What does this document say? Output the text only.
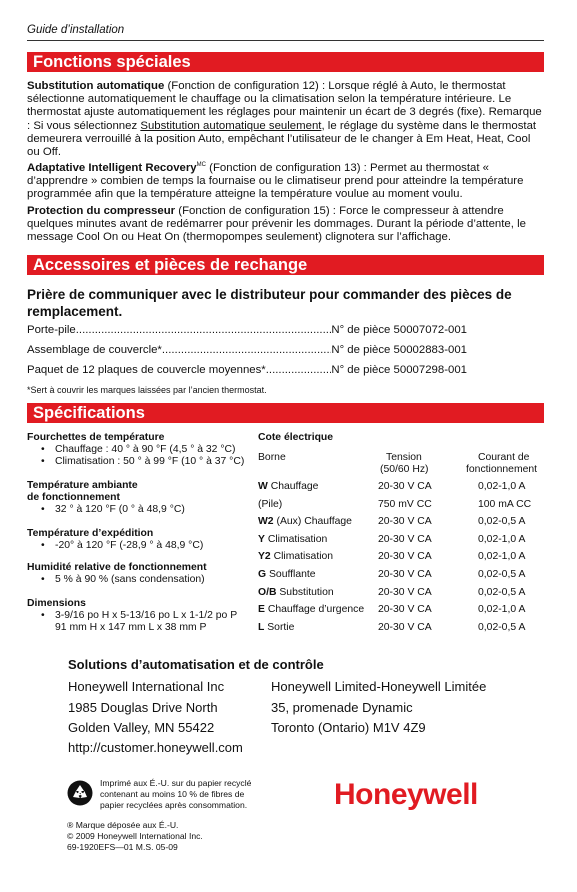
Guide d’installation
Fonctions spéciales
Substitution automatique (Fonction de configuration 12) : Lorsque réglé à Auto, le thermostat sélectionne automatiquement le chauffage ou la climatisation selon la température intérieure. Le thermostat ajuste automatiquement les réglages pour maintenir un écart de 3 degrés (fixe). Remarque : Si vous sélectionnez Substitution automatique seulement, le réglage du système dans le thermostat demeurera verrouillé à la position Auto, empêchant l’utilisateur de le changer à Em Heat, Heat, Cool ou Off.
Adaptative Intelligent Recovery$^{MC}$ (Fonction de configuration 13) : Permet au thermostat « d’apprendre » combien de temps la fournaise ou le climatiseur prend pour atteindre la température programmée afin que la température atteigne la température voulue au moment voulu.
Protection du compresseur (Fonction de configuration 15) : Force le compresseur à attendre quelques minutes avant de redémarrer pour prévenir les dommages. Durant la période d’attente, le message Cool On ou Heat On (thermopompes seulement) clignotera sur l’affichage.
Accessoires et pièces de rechange
Prière de communiquer avec le distributeur pour commander des pièces de remplacement.
Porte-pile .....	N° de pièce 50007072-001
Assemblage de couvercle* .....	N° de pièce 50002883-001
Paquet de 12 plaques de couvercle moyennes* .....	N° de pièce 50007298-001
*Sert à couvrir les marques laissées par l’ancien thermostat.
Spécifications
Fourchettes de température
• Chauffage : 40 ° à 90 °F (4,5 ° à 32 °C)
• Climatisation : 50 ° à 99 °F (10 ° à 37 °C)
Température ambiante
de fonctionnement
• 32 ° à 120 °F (0 ° à 48,9 °C)
Température d’expédition
• -20° à 120 °F (-28,9 ° à 48,9 °C)
Humidité relative de fonctionnement
• 5 % à 90 % (sans condensation)
Dimensions
• 3-9/16 po H x 5-13/16 po L x 1-1/2 po P
91 mm H x 147 mm L x 38 mm P
Cote électrique
Borne	Tension
(50/60 Hz)
Courant de
fonctionnement
W Chauffage	20-30 V CA	0,02-1,0 A
(Pile)	750 mV CC	100 mA CC
W2 (Aux) Chauffage	20-30 V CA	0,02-0,5 A
Y Climatisation	20-30 V CA	0,02-1,0 A
Y2 Climatisation	20-30 V CA	0,02-1,0 A
G Soufflante	20-30 V CA	0,02-0,5 A
O/B Substitution	20-30 V CA	0,02-0,5 A
E Chauffage d’urgence 20-30 V CA	0,02-1,0 A
L Sortie	20-30 V CA	0,02-0,5 A
Solutions d’automatisation et de contrôle
Honeywell International Inc
1985 Douglas Drive North
Golden Valley, MN 55422
Honeywell Limited-Honeywell Limitée
35, promenade Dynamic
Toronto (Ontario) M1V 4Z9
http://customer.honeywell.com
Imprimé aux É.-U. sur du papier recyclé
contenant au moins 10 % de fibres de
papier recyclées après consommation.
® Marque déposée aux É.-U.
© 2009 Honeywell International Inc.
69-1920EFS—01 M.S. 05-09
Honeywell
